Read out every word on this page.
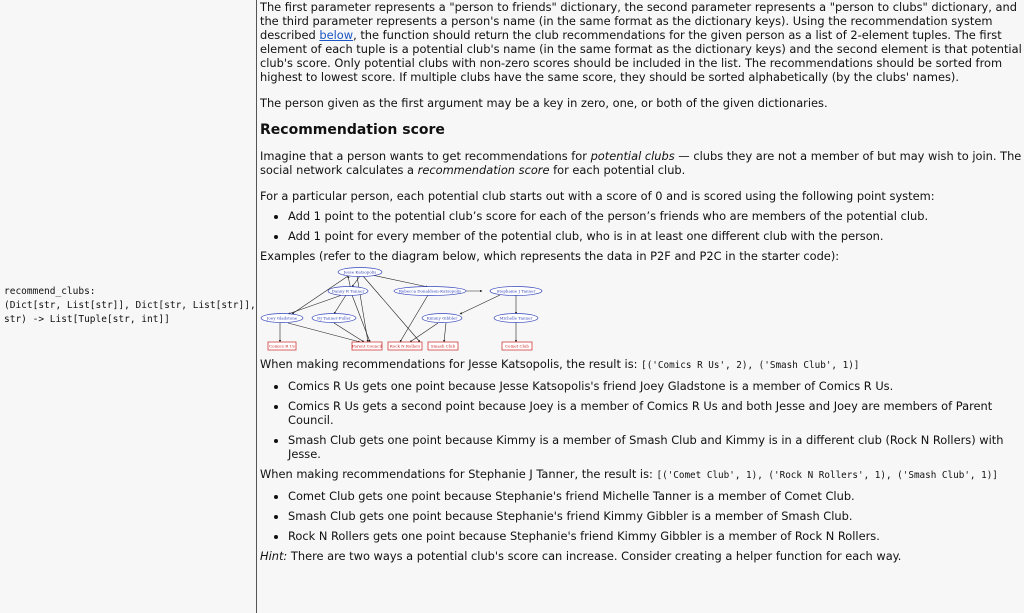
recommend_clubs:
(Dict[str, List[str]], Dict[str, List[str]],
str) -> List[Tuple[str, int]]

The first parameter represents a "person to friends" dictionary, the second parameter represents a "person to clubs" dictionary, and the third parameter represents a person's name (in the same format as the dictionary keys). Using the recommendation system described below, the function should return the club recommendations for the given person as a list of 2-element tuples. The first element of each tuple is a potential club's name (in the same format as the dictionary keys) and the second element is that potential club's score. Only potential clubs with non-zero scores should be included in the list. The recommendations should be sorted from highest to lowest score. If multiple clubs have the same score, they should be sorted alphabetically (by the clubs' names).

The person given as the first argument may be a key in zero, one, or both of the given dictionaries.

Recommendation score

Imagine that a person wants to get recommendations for potential clubs — clubs they are not a member of but may wish to join. The social network calculates a recommendation score for each potential club.

For a particular person, each potential club starts out with a score of 0 and is scored using the following point system:

• Add 1 point to the potential club’s score for each of the person’s friends who are members of the potential club.
• Add 1 point for every member of the potential club, who is in at least one different club with the person.

Examples (refer to the diagram below, which represents the data in P2F and P2C in the starter code):

Jesse Katsopolis
Danny R Tanner	Rebecca Donaldson-Katsopolis	Stephanie J Tanner
Joey Gladstone	DJ Tanner-Fuller	Kimmy Gibbler	Michelle Tanner
Comics R Us	Parent Council Rock N Rollers	Smash Club	Comet Club

When making recommendations for Jesse Katsopolis, the result is: [('Comics R Us', 2), ('Smash Club', 1)]

• Comics R Us gets one point because Jesse Katsopolis's friend Joey Gladstone is a member of Comics R Us.
• Comics R Us gets a second point because Joey is a member of Comics R Us and both Jesse and Joey are members of Parent Council.
• Smash Club gets one point because Kimmy is a member of Smash Club and Kimmy is in a different club (Rock N Rollers) with Jesse.

When making recommendations for Stephanie J Tanner, the result is: [('Comet Club', 1), ('Rock N Rollers', 1), ('Smash Club', 1)]

• Comet Club gets one point because Stephanie's friend Michelle Tanner is a member of Comet Club.
• Smash Club gets one point because Stephanie's friend Kimmy Gibbler is a member of Smash Club.
• Rock N Rollers gets one point because Stephanie's friend Kimmy Gibbler is a member of Rock N Rollers.

Hint: There are two ways a potential club's score can increase. Consider creating a helper function for each way.
